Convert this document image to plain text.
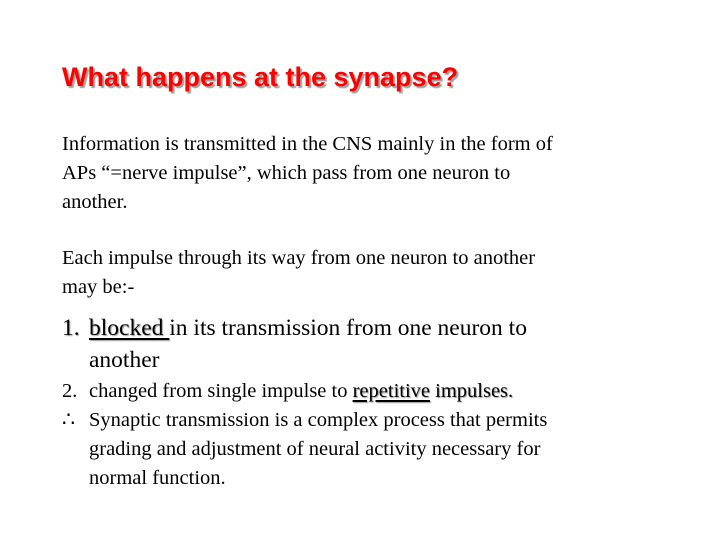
What happens at the synapse?
Information is transmitted in the CNS mainly in the form of
APs “=nerve impulse”, which pass from one neuron to
another.
Each impulse through its way from one neuron to another
may be:-
1. blocked in its transmission from one neuron to
another
2. changed from single impulse to repetitive impulses.
∴ Synaptic transmission is a complex process that permits
grading and adjustment of neural activity necessary for
normal function.
